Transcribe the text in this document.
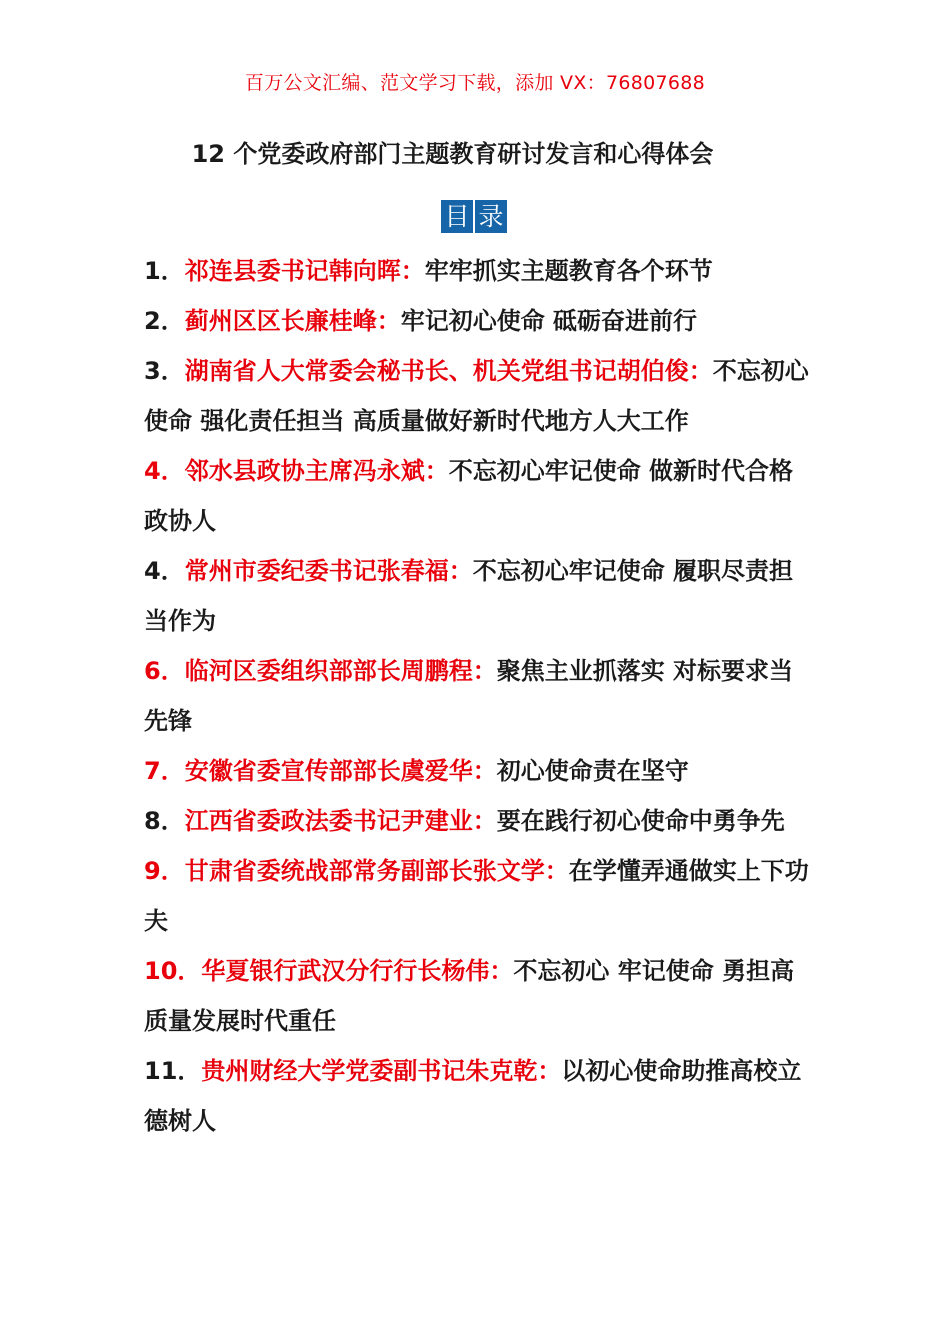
百万公文汇编、范文学习下载，添加 VX：76807688
12 个党委政府部门主题教育研讨发言和心得体会
目 录
1．祁连县委书记韩向晖：牢牢抓实主题教育各个环节
2．蓟州区区长廉桂峰：牢记初心使命 砥砺奋进前行
3．湖南省人大常委会秘书长、机关党组书记胡伯俊：不忘初心使命 强化责任担当 高质量做好新时代地方人大工作
4．邻水县政协主席冯永斌：不忘初心牢记使命 做新时代合格政协人
4．常州市委纪委书记张春福：不忘初心牢记使命 履职尽责担当作为
6．临河区委组织部部长周鹏程：聚焦主业抓落实 对标要求当先锋
7．安徽省委宣传部部长虞爱华：初心使命责在坚守
8．江西省委政法委书记尹建业：要在践行初心使命中勇争先
9．甘肃省委统战部常务副部长张文学：在学懂弄通做实上下功夫
10．华夏银行武汉分行行长杨伟：不忘初心 牢记使命 勇担高质量发展时代重任
11．贵州财经大学党委副书记朱克乾：以初心使命助推高校立德树人
